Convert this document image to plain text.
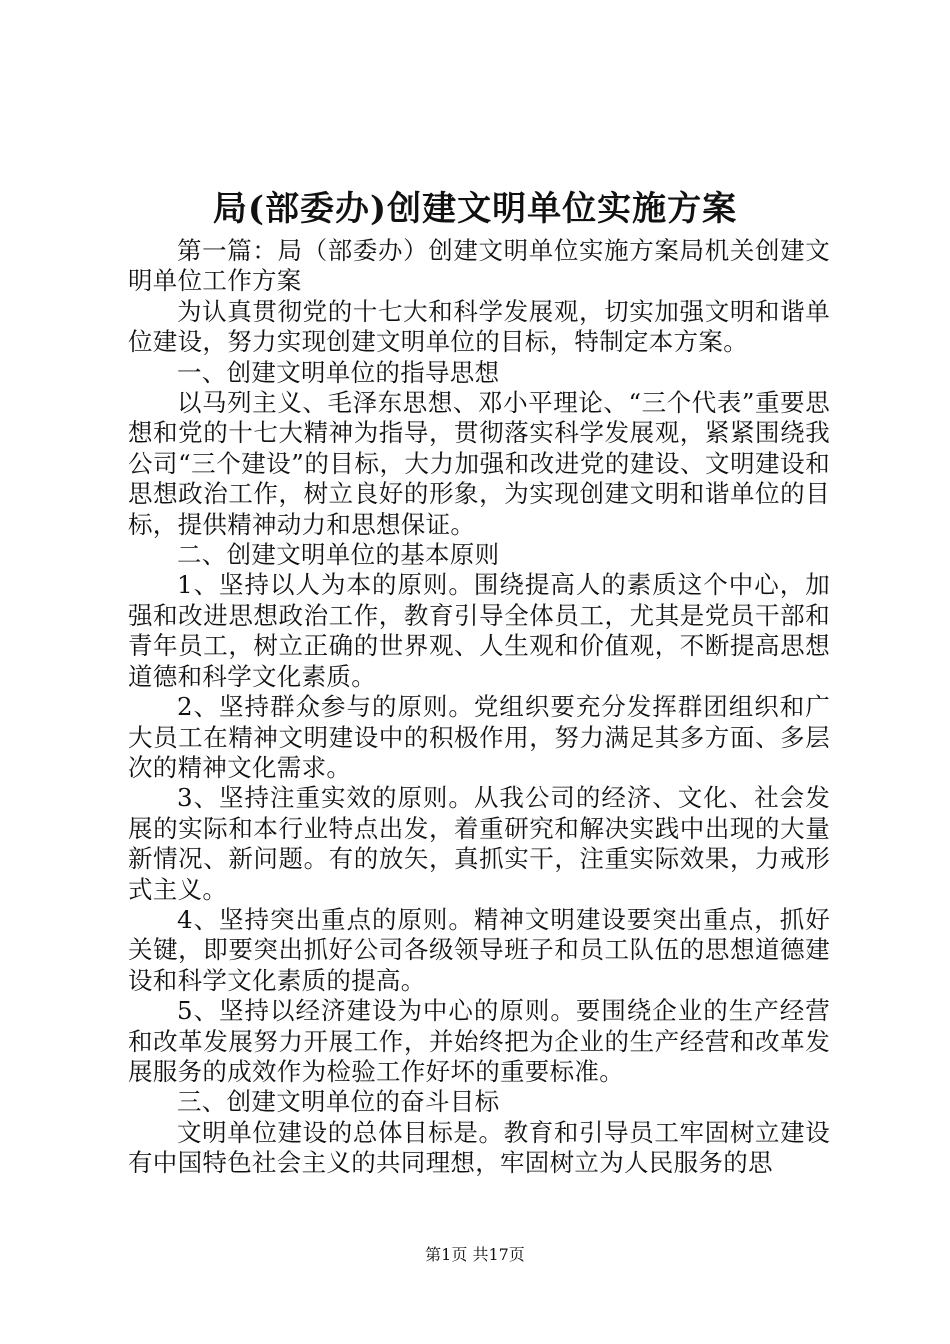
局(部委办)创建文明单位实施方案

第一篇：局（部委办）创建文明单位实施方案局机关创建文明单位工作方案

为认真贯彻党的十七大和科学发展观，切实加强文明和谐单位建设，努力实现创建文明单位的目标，特制定本方案。

一、创建文明单位的指导思想

以马列主义、毛泽东思想、邓小平理论、“三个代表”重要思想和党的十七大精神为指导，贯彻落实科学发展观，紧紧围绕我公司“三个建设”的目标，大力加强和改进党的建设、文明建设和思想政治工作，树立良好的形象，为实现创建文明和谐单位的目标，提供精神动力和思想保证。

二、创建文明单位的基本原则

1、坚持以人为本的原则。围绕提高人的素质这个中心，加强和改进思想政治工作，教育引导全体员工，尤其是党员干部和青年员工，树立正确的世界观、人生观和价值观，不断提高思想道德和科学文化素质。

2、坚持群众参与的原则。党组织要充分发挥群团组织和广大员工在精神文明建设中的积极作用，努力满足其多方面、多层次的精神文化需求。

3、坚持注重实效的原则。从我公司的经济、文化、社会发展的实际和本行业特点出发，着重研究和解决实践中出现的大量新情况、新问题。有的放矢，真抓实干，注重实际效果，力戒形式主义。

4、坚持突出重点的原则。精神文明建设要突出重点，抓好关键，即要突出抓好公司各级领导班子和员工队伍的思想道德建设和科学文化素质的提高。

5、坚持以经济建设为中心的原则。要围绕企业的生产经营和改革发展努力开展工作，并始终把为企业的生产经营和改革发展服务的成效作为检验工作好坏的重要标准。

三、创建文明单位的奋斗目标

文明单位建设的总体目标是。教育和引导员工牢固树立建设有中国特色社会主义的共同理想，牢固树立为人民服务的思

第1页 共17页
